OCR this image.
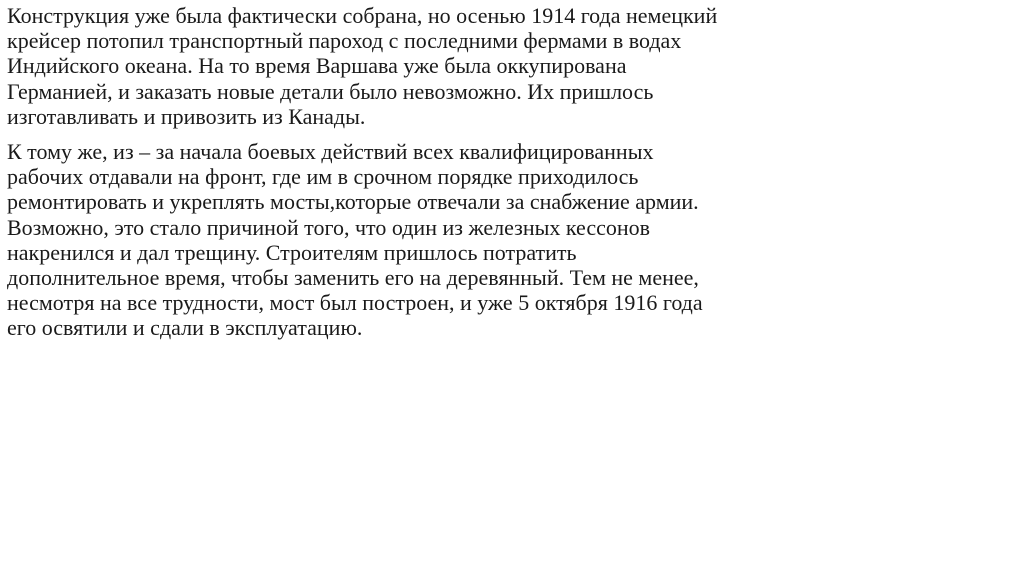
Конструкция уже была фактически собрана, но осенью 1914 года немецкий
крейсер потопил транспортный пароход с последними фермами в водах
Индийского океана. На то время Варшава уже была оккупирована
Германией, и заказать новые детали было невозможно. Их пришлось
изготавливать и привозить из Канады.

К тому же, из – за начала боевых действий всех квалифицированных
рабочих отдавали на фронт, где им в срочном порядке приходилось
ремонтировать и укреплять мосты,которые отвечали за снабжение армии.
Возможно, это стало причиной того, что один из железных кессонов
накренился и дал трещину. Строителям пришлось потратить
дополнительное время, чтобы заменить его на деревянный. Тем не менее,
несмотря на все трудности, мост был построен, и уже 5 октября 1916 года
его освятили и сдали в эксплуатацию.
